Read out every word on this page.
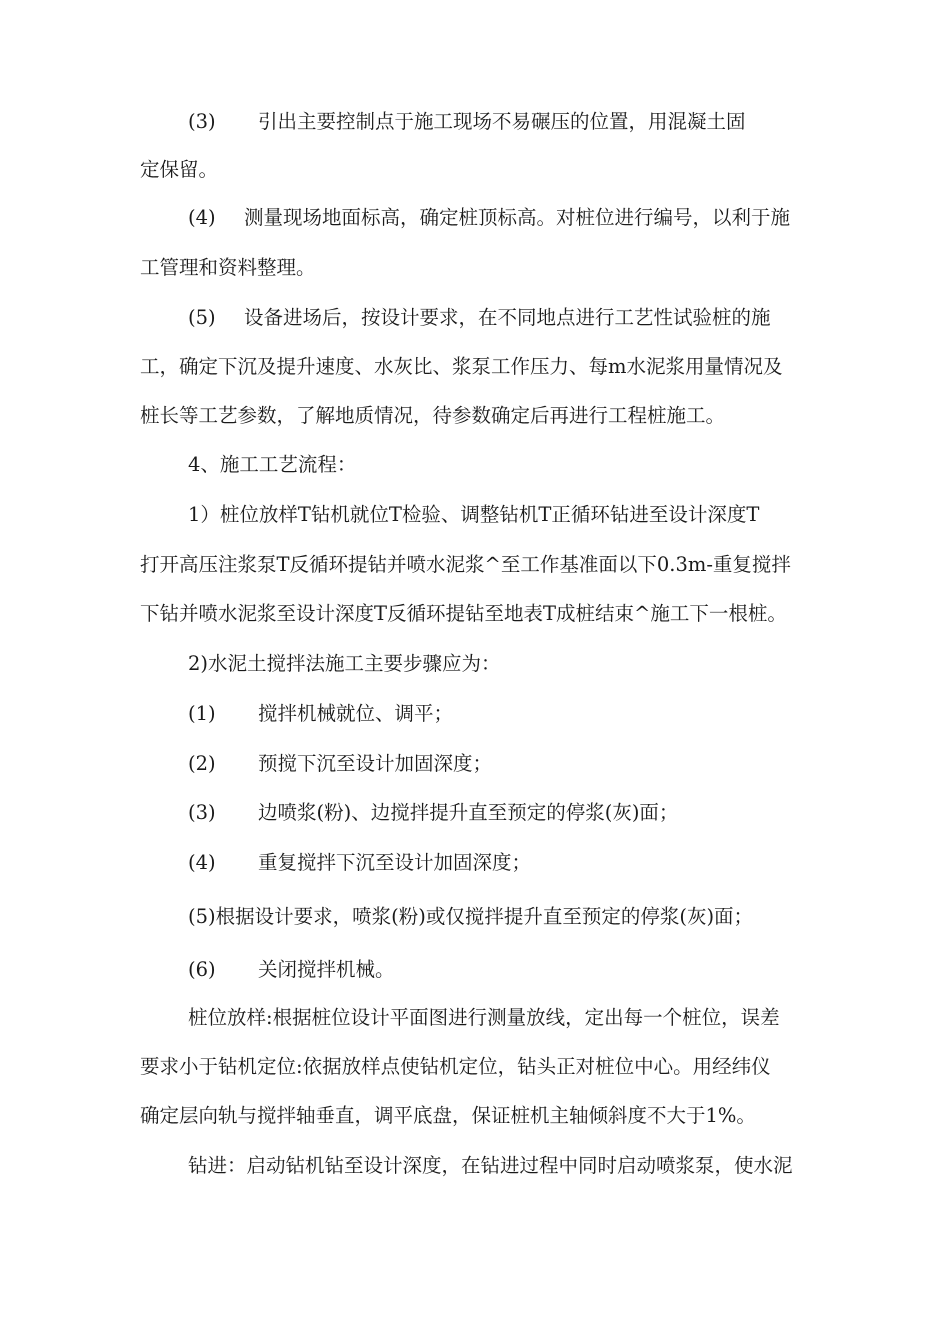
(3) 引出主要控制点于施工现场不易碾压的位置，用混凝土固
定保留。
(4) 测量现场地面标高，确定桩顶标高。对桩位进行编号，以利于施
工管理和资料整理。
(5) 设备进场后，按设计要求，在不同地点进行工艺性试验桩的施
工，确定下沉及提升速度、水灰比、浆泵工作压力、每m水泥浆用量情况及
桩长等工艺参数，了解地质情况，待参数确定后再进行工程桩施工。
4、施工工艺流程：
1）桩位放样T钻机就位T检验、调整钻机T正循环钻进至设计深度T
打开高压注浆泵T反循环提钻并喷水泥浆^至工作基准面以下0.3m-重复搅拌
下钻并喷水泥浆至设计深度T反循环提钻至地表T成桩结束^施工下一根桩。
2)水泥土搅拌法施工主要步骤应为：
(1) 搅拌机械就位、调平；
(2) 预搅下沉至设计加固深度；
(3) 边喷浆(粉)、边搅拌提升直至预定的停浆(灰)面；
(4) 重复搅拌下沉至设计加固深度；
(5)根据设计要求，喷浆(粉)或仅搅拌提升直至预定的停浆(灰)面；
(6) 关闭搅拌机械。
桩位放样:根据桩位设计平面图进行测量放线，定出每一个桩位，误差
要求小于钻机定位:依据放样点使钻机定位，钻头正对桩位中心。用经纬仪
确定层向轨与搅拌轴垂直，调平底盘，保证桩机主轴倾斜度不大于1%。
钻进：启动钻机钻至设计深度，在钻进过程中同时启动喷浆泵，使水泥
